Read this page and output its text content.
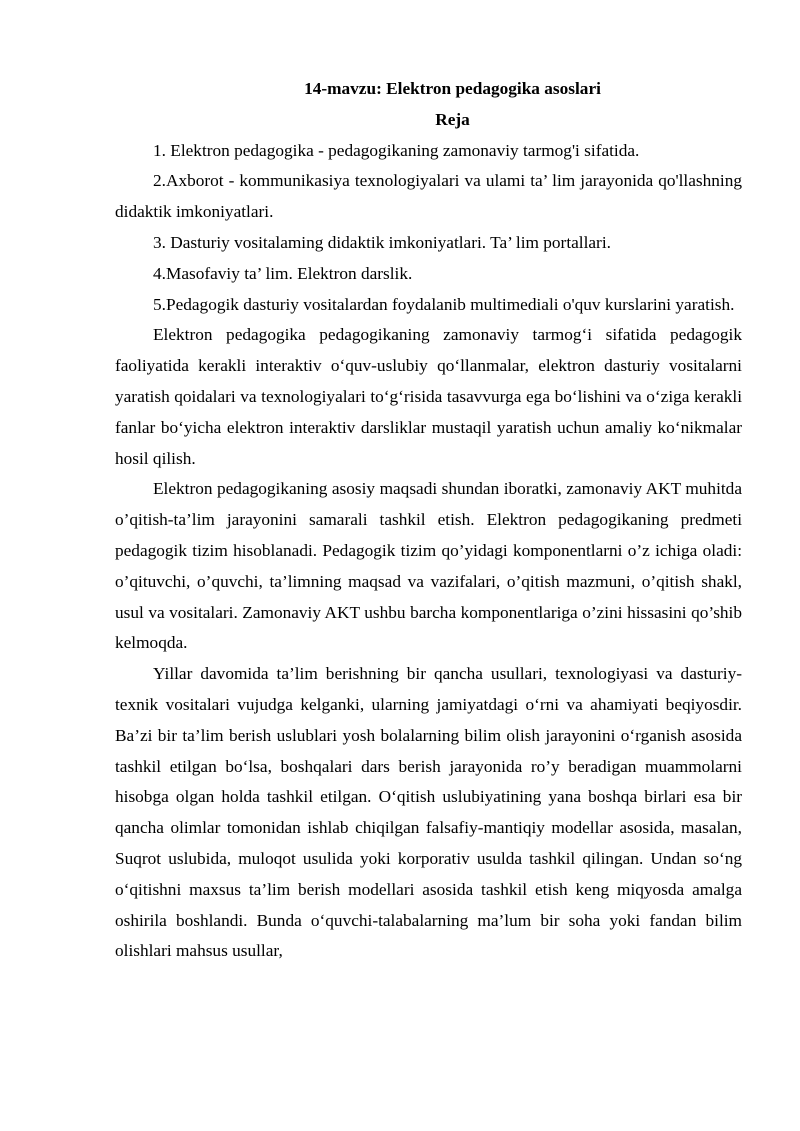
14-mavzu: Elektron pedagogika asoslari
Reja
1. Elektron pedagogika - pedagogikaning zamonaviy tarmog'i sifatida.
2.Axborot - kommunikasiya texnologiyalari va ulami ta’ lim jarayonida qo'llashning didaktik imkoniyatlari.
3. Dasturiy vositalaming didaktik imkoniyatlari. Ta’ lim portallari.
4.Masofaviy ta’ lim. Elektron darslik.
5.Pedagogik dasturiy vositalardan foydalanib multimediali o'quv kurslarini yaratish.

Elektron pedagogika pedagogikaning zamonaviy tarmog‘i sifatida pedagogik faoliyatida kerakli interaktiv o‘quv-uslubiy qo‘llanmalar, elektron dasturiy vositalarni yaratish qoidalari va texnologiyalari to‘g‘risida tasavvurga ega bo‘lishini va o‘ziga kerakli fanlar bo‘yicha elektron interaktiv darsliklar mustaqil yaratish uchun amaliy ko‘nikmalar hosil qilish.

Elektron pedagogikaning asosiy maqsadi shundan iboratki, zamonaviy AKT muhitda o’qitish-ta’lim jarayonini samarali tashkil etish. Elektron pedagogikaning predmeti pedagogik tizim hisoblanadi. Pedagogik tizim qo’yidagi komponentlarni o’z ichiga oladi: o’qituvchi, o’quvchi, ta’limning maqsad va vazifalari, o’qitish mazmuni, o’qitish shakl, usul va vositalari. Zamonaviy AKT ushbu barcha komponentlariga o’zini hissasini qo’shib kelmoqda.

Yillar davomida ta’lim berishning bir qancha usullari, texnologiyasi va dasturiy-texnik vositalari vujudga kelganki, ularning jamiyatdagi o‘rni va ahamiyati beqiyosdir. Ba’zi bir ta’lim berish uslublari yosh bolalarning bilim olish jarayonini o‘rganish asosida tashkil etilgan bo‘lsa, boshqalari dars berish jarayonida ro’y beradigan muammolarni hisobga olgan holda tashkil etilgan. O‘qitish uslubiyatining yana boshqa birlari esa bir qancha olimlar tomonidan ishlab chiqilgan falsafiy-mantiqiy modellar asosida, masalan, Suqrot uslubida, muloqot usulida yoki korporativ usulda tashkil qilingan. Undan so‘ng o‘qitishni maxsus ta’lim berish modellari asosida tashkil etish keng miqyosda amalga oshirila boshlandi. Bunda o‘quvchi-talabalarning ma’lum bir soha yoki fandan bilim olishlari mahsus usullar,
